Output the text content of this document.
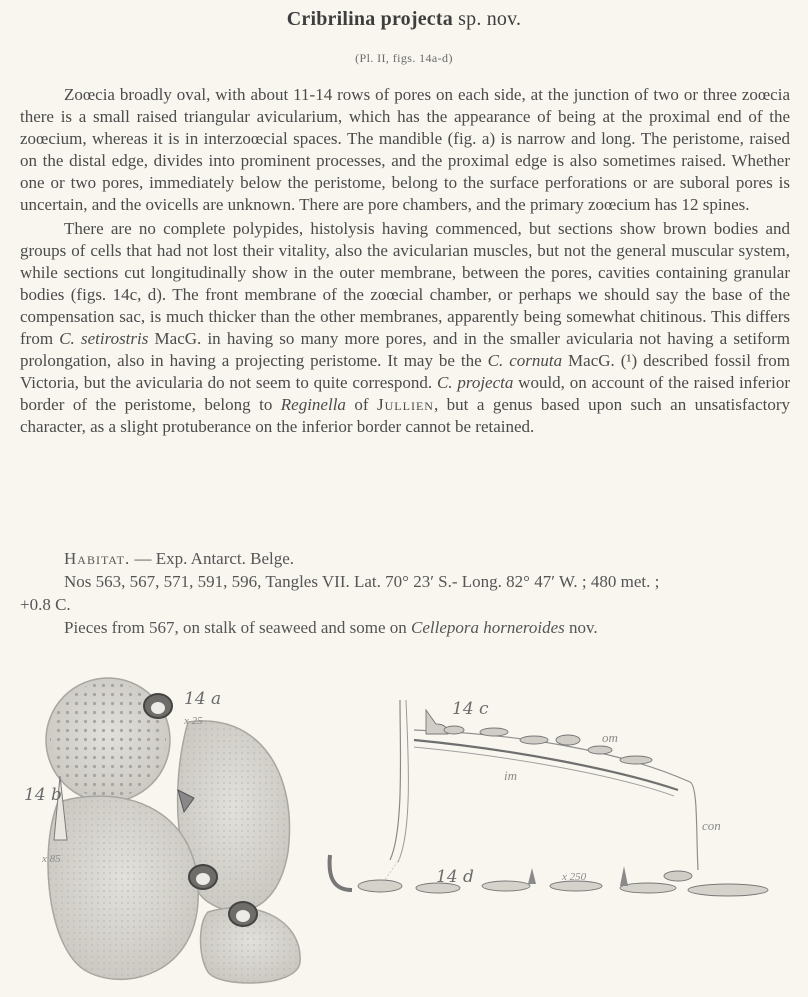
Cribrilina projecta sp. nov.
(Pl. II, figs. 14a-d)

Zoœcia broadly oval, with about 11-14 rows of pores on each side, at the junction of two or three zoœcia there is a small raised triangular avicularium, which has the appearance of being at the proximal end of the zoœcium, whereas it is in interzoœcial spaces. The mandible (fig. a) is narrow and long. The peristome, raised on the distal edge, divides into prominent processes, and the proximal edge is also sometimes raised. Whether one or two pores, immediately below the peristome, belong to the surface perforations or are suboral pores is uncertain, and the ovicells are unknown. There are pore chambers, and the primary zoœcium has 12 spines.

There are no complete polypides, histolysis having commenced, but sections show brown bodies and groups of cells that had not lost their vitality, also the avicularian muscles, but not the general muscular system, while sections cut longitudinally show in the outer membrane, between the pores, cavities containing granular bodies (figs. 14c, d). The front membrane of the zoœcial chamber, or perhaps we should say the base of the compensation sac, is much thicker than the other membranes, apparently being somewhat chitinous. This differs from C. setirostris MacG. in having so many more pores, and in the smaller avicularia not having a setiform prolongation, also in having a projecting peristome. It may be the C. cornuta MacG. (¹) described fossil from Victoria, but the avicularia do not seem to quite correspond. C. projecta would, on account of the raised inferior border of the peristome, belong to Reginella of Jullien, but a genus based upon such an unsatisfactory character, as a slight protuberance on the inferior border cannot be retained.

Habitat. — Exp. Antarct. Belge.

Nos 563, 567, 571, 591, 596, Tangles VII. Lat. 70° 23′ S.- Long. 82° 47′ W. ; 480 met. ;

+0.8 C.

Pieces from 567, on stalk of seaweed and some on Cellepora horneroides nov.

14 a
x 25
14 b
x 85
14 c
om
im
con
14 d	x 250
